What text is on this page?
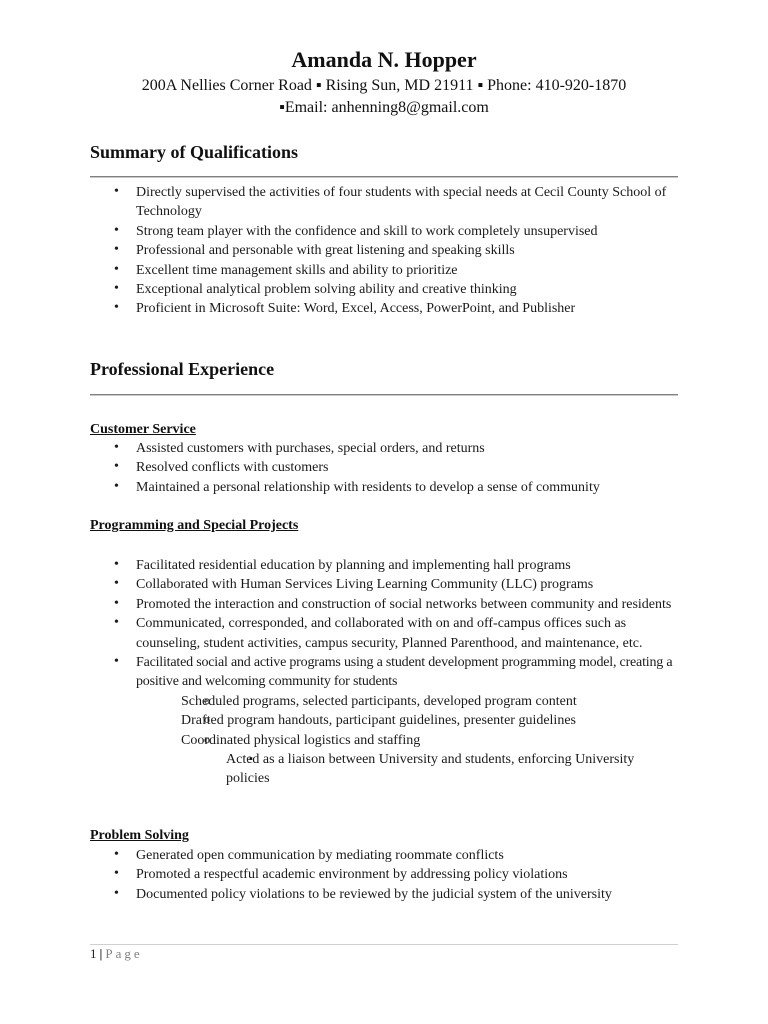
Amanda N. Hopper
200A Nellies Corner Road ▪ Rising Sun, MD 21911 ▪ Phone: 410-920-1870
▪Email: anhenning8@gmail.com
Summary of Qualifications
• Directly supervised the activities of four students with special needs at Cecil County School of Technology
• Strong team player with the confidence and skill to work completely unsupervised
• Professional and personable with great listening and speaking skills
• Excellent time management skills and ability to prioritize
• Exceptional analytical problem solving ability and creative thinking
• Proficient in Microsoft Suite: Word, Excel, Access, PowerPoint, and Publisher
Professional Experience
Customer Service
• Assisted customers with purchases, special orders, and returns
• Resolved conflicts with customers
• Maintained a personal relationship with residents to develop a sense of community
Programming and Special Projects
• Facilitated residential education by planning and implementing hall programs
• Collaborated with Human Services Living Learning Community (LLC) programs
• Promoted the interaction and construction of social networks between community and residents
• Communicated, corresponded, and collaborated with on and off-campus offices such as counseling, student activities, campus security, Planned Parenthood, and maintenance, etc.
• Facilitated social and active programs using a student development programming model, creating a positive and welcoming community for students
o Scheduled programs, selected participants, developed program content
o Drafted program handouts, participant guidelines, presenter guidelines
o Coordinated physical logistics and staffing
▪ Acted as a liaison between University and students, enforcing University policies
Problem Solving
• Generated open communication by mediating roommate conflicts
• Promoted a respectful academic environment by addressing policy violations
• Documented policy violations to be reviewed by the judicial system of the university
1 | Page
